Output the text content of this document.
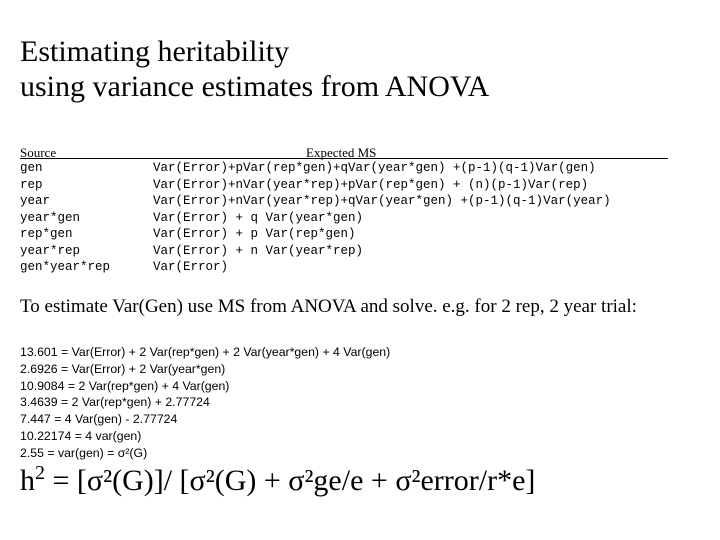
Estimating heritability
using variance estimates from ANOVA
Source	Expected MS
gen	Var(Error)+pVar(rep*gen)+qVar(year*gen) +(p-1)(q-1)Var(gen)
rep	Var(Error)+nVar(year*rep)+pVar(rep*gen) + (n)(p-1)Var(rep)
year	Var(Error)+nVar(year*rep)+qVar(year*gen) +(p-1)(q-1)Var(year)
year*gen	Var(Error) + q Var(year*gen)
rep*gen	Var(Error) + p Var(rep*gen)
year*rep	Var(Error) + n Var(year*rep)
gen*year*rep	Var(Error)
To estimate Var(Gen) use MS from ANOVA and solve. e.g. for 2 rep, 2 year trial:
13.601 = Var(Error) + 2 Var(rep*gen) + 2 Var(year*gen) + 4 Var(gen)
2.6926 = Var(Error) + 2 Var(year*gen)
10.9084 = 2 Var(rep*gen) + 4 Var(gen)
3.4639 = 2 Var(rep*gen) + 2.77724
7.447 = 4 Var(gen) - 2.77724
10.22174 = 4 var(gen)
2.55 = var(gen) = σ²(G)
$h^2 = [\sigma^2(G)]/$ [σ²(G) + σ²ge/e + σ²error/r*e]
